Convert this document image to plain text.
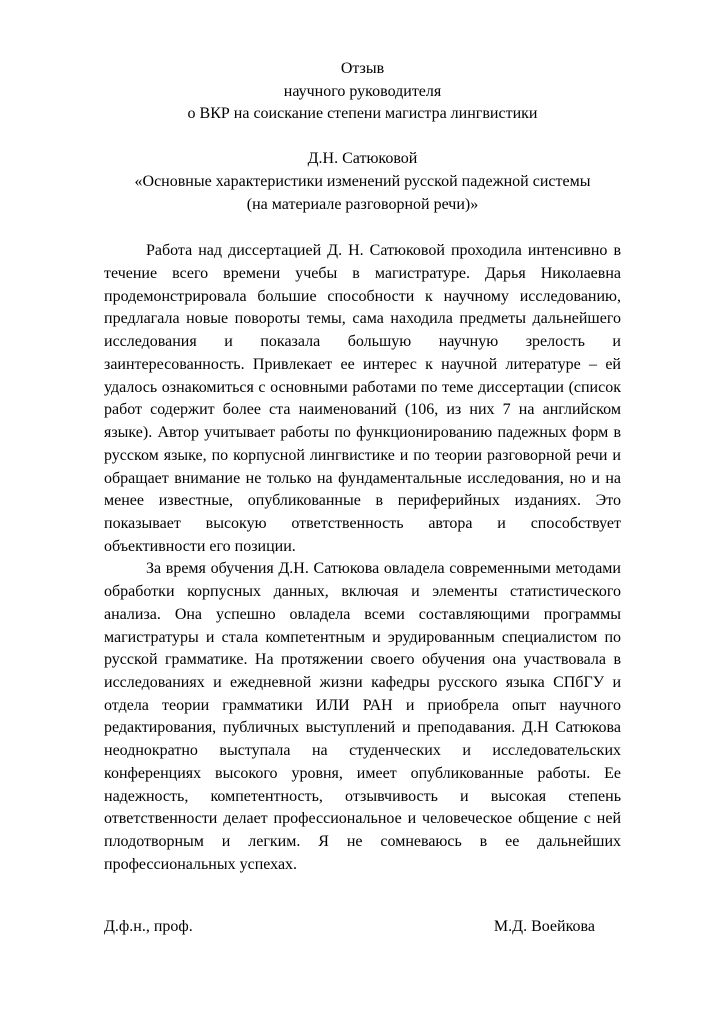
Отзыв
научного руководителя
о ВКР на соискание степени магистра лингвистики
Д.Н. Сатюковой
«Основные характеристики изменений русской падежной системы
(на материале разговорной речи)»

Работа над диссертацией Д. Н. Сатюковой проходила интенсивно в течение всего времени учебы в магистратуре. Дарья Николаевна продемонстрировала большие способности к научному исследованию, предлагала новые повороты темы, сама находила предметы дальнейшего исследования и показала большую научную зрелость и заинтересованность. Привлекает ее интерес к научной литературе – ей удалось ознакомиться с основными работами по теме диссертации (список работ содержит более ста наименований (106, из них 7 на английском языке). Автор учитывает работы по функционированию падежных форм в русском языке, по корпусной лингвистике и по теории разговорной речи и обращает внимание не только на фундаментальные исследования, но и на менее известные, опубликованные в периферийных изданиях. Это показывает высокую ответственность автора и способствует объективности его позиции.

За время обучения Д.Н. Сатюкова овладела современными методами обработки корпусных данных, включая и элементы статистического анализа. Она успешно овладела всеми составляющими программы магистратуры и стала компетентным и эрудированным специалистом по русской грамматике. На протяжении своего обучения она участвовала в исследованиях и ежедневной жизни кафедры русского языка СПбГУ и отдела теории грамматики ИЛИ РАН и приобрела опыт научного редактирования, публичных выступлений и преподавания. Д.Н Сатюкова неоднократно выступала на студенческих и исследовательских конференциях высокого уровня, имеет опубликованные работы. Ее надежность, компетентность, отзывчивость и высокая степень ответственности делает профессиональное и человеческое общение с ней плодотворным и легким. Я не сомневаюсь в ее дальнейших профессиональных успехах.

Д.ф.н., проф.	М.Д. Воейкова
